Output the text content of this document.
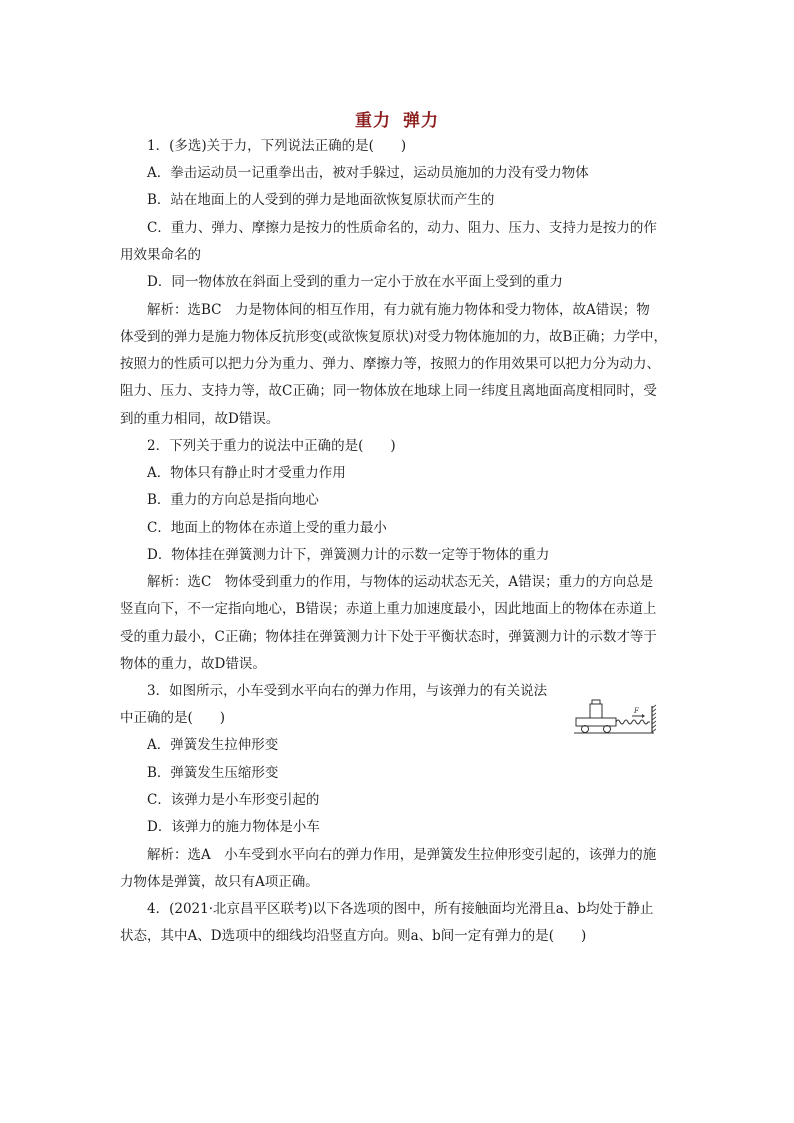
重力 弹力
1．(多选)关于力，下列说法正确的是(　　)
A．拳击运动员一记重拳出击，被对手躲过，运动员施加的力没有受力物体
B．站在地面上的人受到的弹力是地面欲恢复原状而产生的
C．重力、弹力、摩擦力是按力的性质命名的，动力、阻力、压力、支持力是按力的作
用效果命名的
D．同一物体放在斜面上受到的重力一定小于放在水平面上受到的重力
解析：选BC　力是物体间的相互作用，有力就有施力物体和受力物体，故A错误；物
体受到的弹力是施力物体反抗形变(或欲恢复原状)对受力物体施加的力，故B正确；力学中，
按照力的性质可以把力分为重力、弹力、摩擦力等，按照力的作用效果可以把力分为动力、
阻力、压力、支持力等，故C正确；同一物体放在地球上同一纬度且离地面高度相同时，受
到的重力相同，故D错误。
2．下列关于重力的说法中正确的是(　　)
A．物体只有静止时才受重力作用
B．重力的方向总是指向地心
C．地面上的物体在赤道上受的重力最小
D．物体挂在弹簧测力计下，弹簧测力计的示数一定等于物体的重力
解析：选C　物体受到重力的作用，与物体的运动状态无关，A错误；重力的方向总是
竖直向下，不一定指向地心，B错误；赤道上重力加速度最小，因此地面上的物体在赤道上
受的重力最小，C正确；物体挂在弹簧测力计下处于平衡状态时，弹簧测力计的示数才等于
物体的重力，故D错误。
3．如图所示，小车受到水平向右的弹力作用，与该弹力的有关说法
中正确的是(　　)	F
A．弹簧发生拉伸形变
B．弹簧发生压缩形变
C．该弹力是小车形变引起的
D．该弹力的施力物体是小车
解析：选A　小车受到水平向右的弹力作用，是弹簧发生拉伸形变引起的，该弹力的施
力物体是弹簧，故只有A项正确。
4．(2021·北京昌平区联考)以下各选项的图中，所有接触面均光滑且a、b均处于静止
状态，其中A、D选项中的细线均沿竖直方向。则a、b间一定有弹力的是(　　)
